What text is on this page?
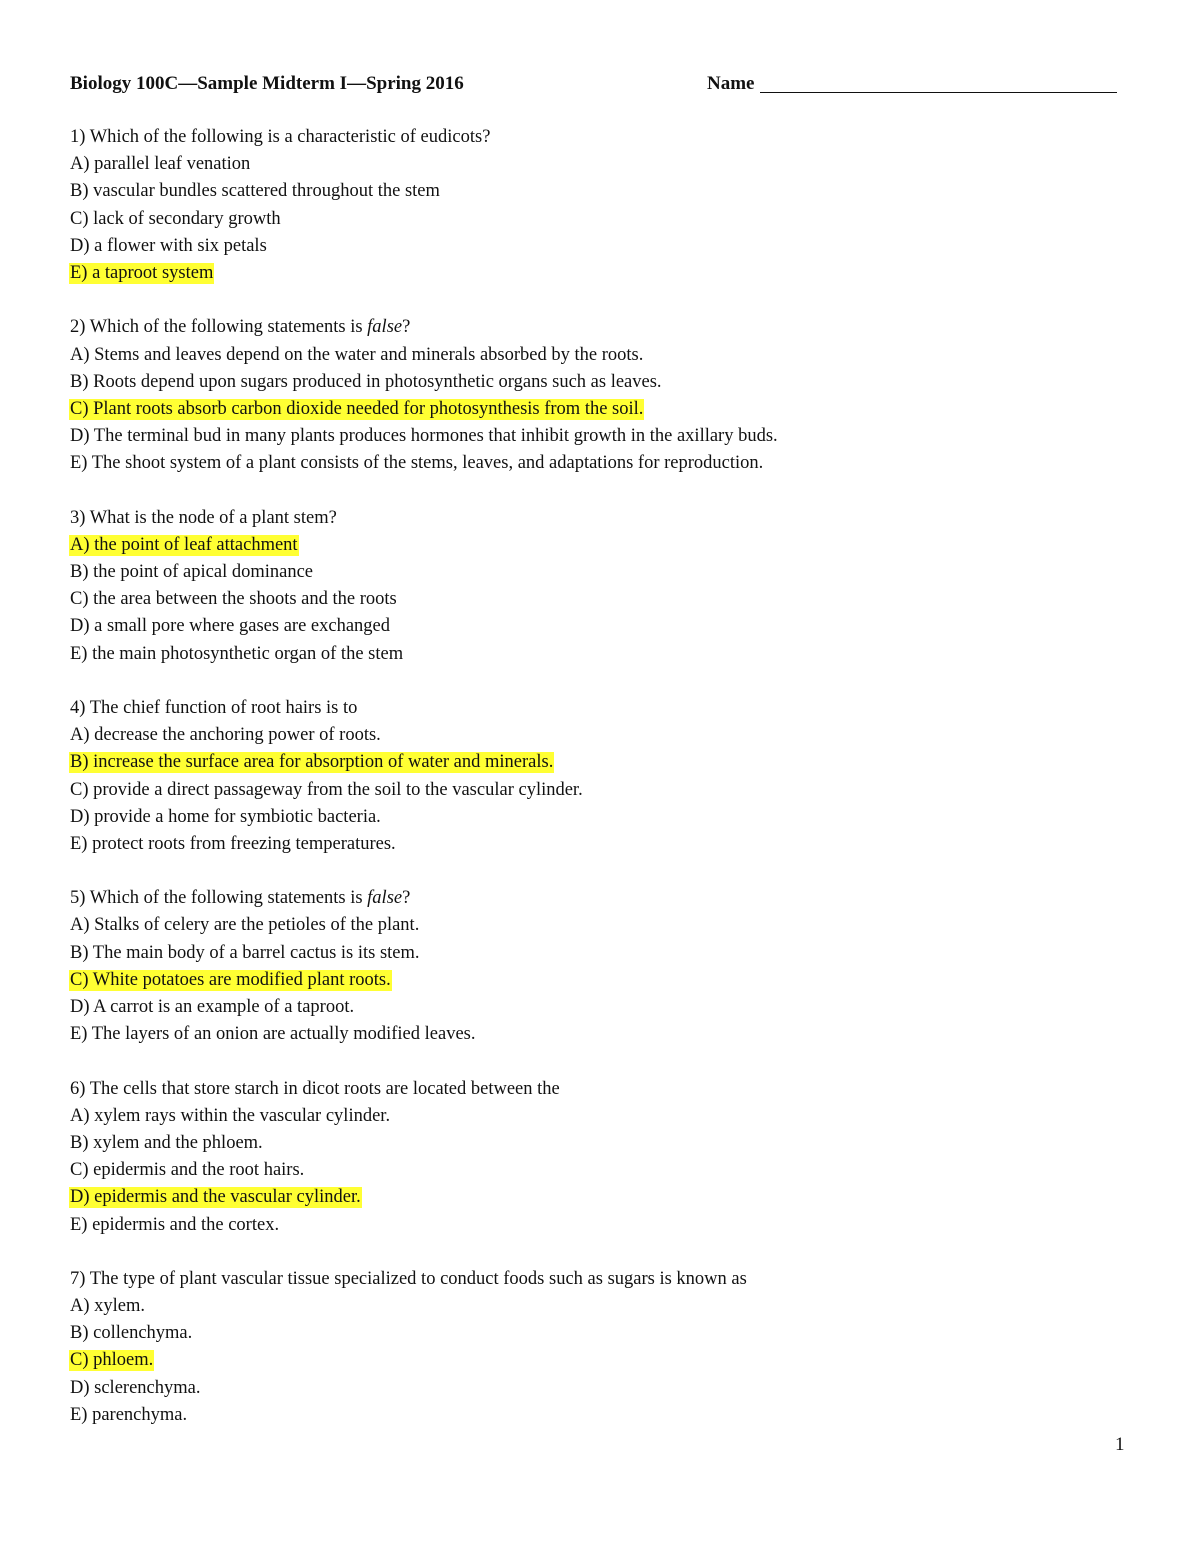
Biology 100C—Sample Midterm I—Spring 2016	Name
1) Which of the following is a characteristic of eudicots?
A) parallel leaf venation
B) vascular bundles scattered throughout the stem
C) lack of secondary growth
D) a flower with six petals
E) a taproot system
2) Which of the following statements is false?
A) Stems and leaves depend on the water and minerals absorbed by the roots.
B) Roots depend upon sugars produced in photosynthetic organs such as leaves.
C) Plant roots absorb carbon dioxide needed for photosynthesis from the soil.
D) The terminal bud in many plants produces hormones that inhibit growth in the axillary buds.
E) The shoot system of a plant consists of the stems, leaves, and adaptations for reproduction.
3) What is the node of a plant stem?
A) the point of leaf attachment
B) the point of apical dominance
C) the area between the shoots and the roots
D) a small pore where gases are exchanged
E) the main photosynthetic organ of the stem
4) The chief function of root hairs is to
A) decrease the anchoring power of roots.
B) increase the surface area for absorption of water and minerals.
C) provide a direct passageway from the soil to the vascular cylinder.
D) provide a home for symbiotic bacteria.
E) protect roots from freezing temperatures.
5) Which of the following statements is false?
A) Stalks of celery are the petioles of the plant.
B) The main body of a barrel cactus is its stem.
C) White potatoes are modified plant roots.
D) A carrot is an example of a taproot.
E) The layers of an onion are actually modified leaves.
6) The cells that store starch in dicot roots are located between the
A) xylem rays within the vascular cylinder.
B) xylem and the phloem.
C) epidermis and the root hairs.
D) epidermis and the vascular cylinder.
E) epidermis and the cortex.
7) The type of plant vascular tissue specialized to conduct foods such as sugars is known as
A) xylem.
B) collenchyma.
C) phloem.
D) sclerenchyma.
E) parenchyma.
1
